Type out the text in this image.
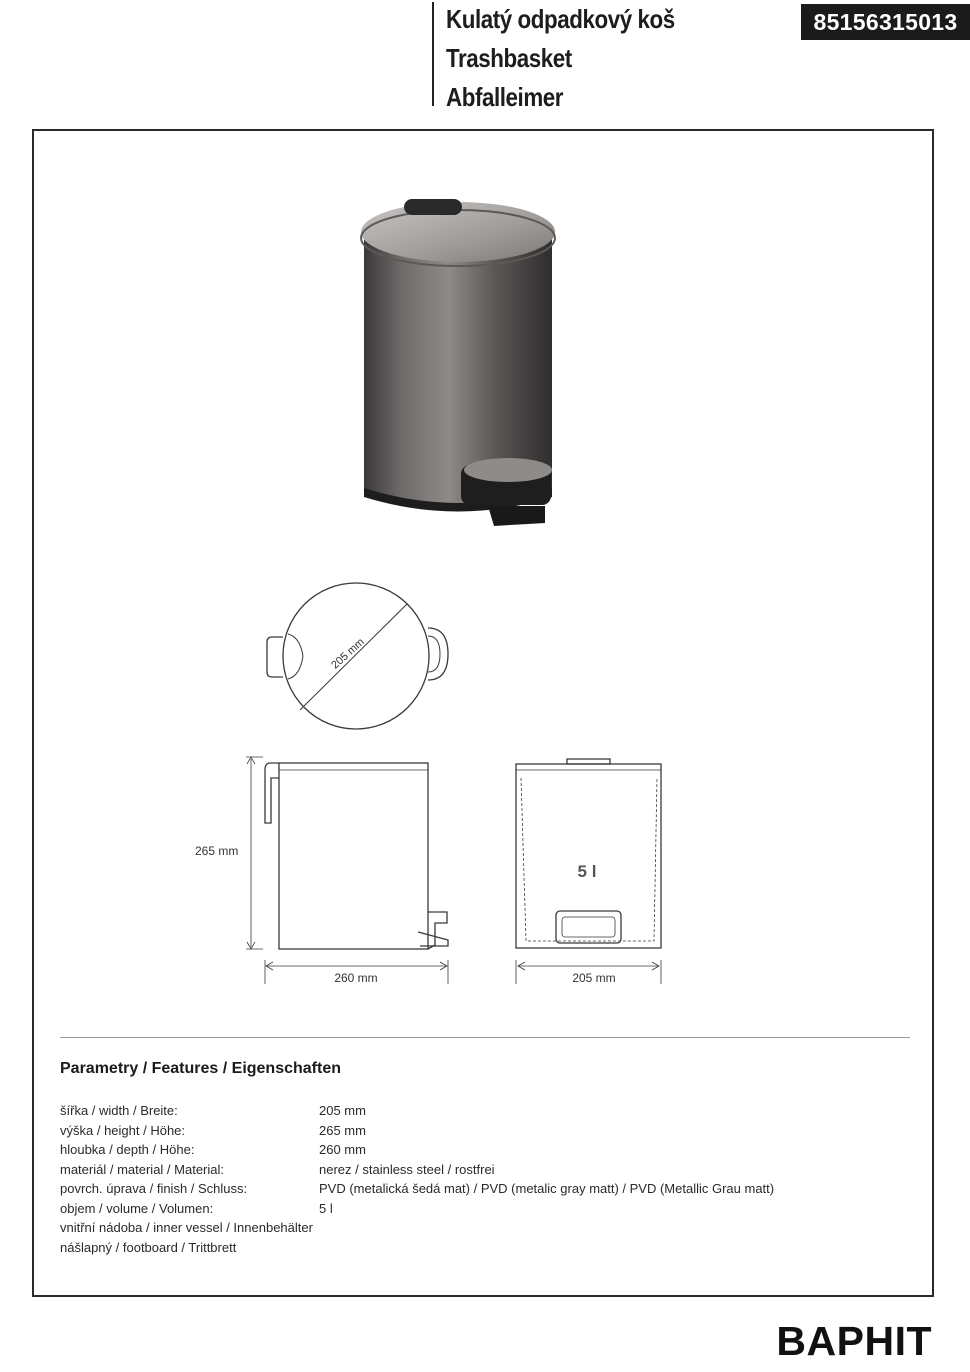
Kulatý odpadkový koš
Trashbasket
Abfalleimer
85156315013
205 mm
265 mm
260 mm
5 l
205 mm
Parametry / Features / Eigenschaften
šířka / width / Breite:	205 mm
výška / height / Höhe:	265 mm
hloubka / depth / Höhe:	260 mm
materiál / material / Material:	nerez / stainless steel / rostfrei
povrch. úprava / finish / Schluss:	PVD (metalická šedá mat) / PVD (metalic gray matt) / PVD (Metallic Grau matt)
objem / volume / Volumen:	5 l
vnitřní nádoba / inner vessel / Innenbehälter
nášlapný / footboard / Trittbrett
BAPHIT
